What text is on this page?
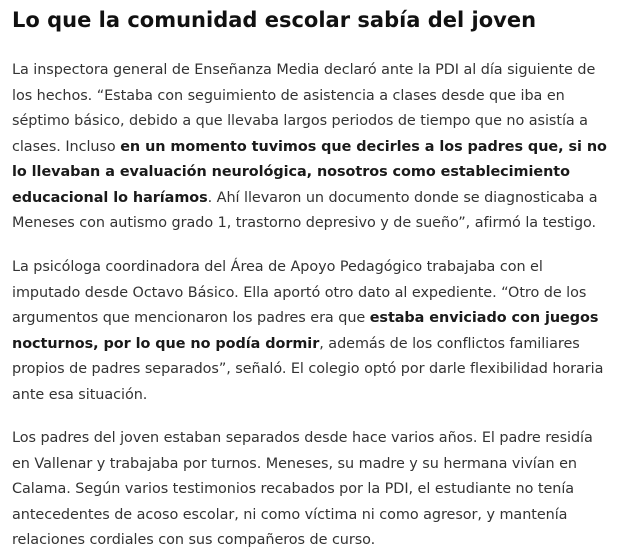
Lo que la comunidad escolar sabía del joven

La inspectora general de Enseñanza Media declaró ante la PDI al día siguiente de los hechos. “Estaba con seguimiento de asistencia a clases desde que iba en séptimo básico, debido a que llevaba largos periodos de tiempo que no asistía a clases. Incluso en un momento tuvimos que decirles a los padres que, si no lo llevaban a evaluación neurológica, nosotros como establecimiento educacional lo haríamos. Ahí llevaron un documento donde se diagnosticaba a Meneses con autismo grado 1, trastorno depresivo y de sueño”, afirmó la testigo.

La psicóloga coordinadora del Área de Apoyo Pedagógico trabajaba con el imputado desde Octavo Básico. Ella aportó otro dato al expediente. “Otro de los argumentos que mencionaron los padres era que estaba enviciado con juegos nocturnos, por lo que no podía dormir, además de los conflictos familiares propios de padres separados”, señaló. El colegio optó por darle flexibilidad horaria ante esa situación.

Los padres del joven estaban separados desde hace varios años. El padre residía en Vallenar y trabajaba por turnos. Meneses, su madre y su hermana vivían en Calama. Según varios testimonios recabados por la PDI, el estudiante no tenía antecedentes de acoso escolar, ni como víctima ni como agresor, y mantenía relaciones cordiales con sus compañeros de curso.
